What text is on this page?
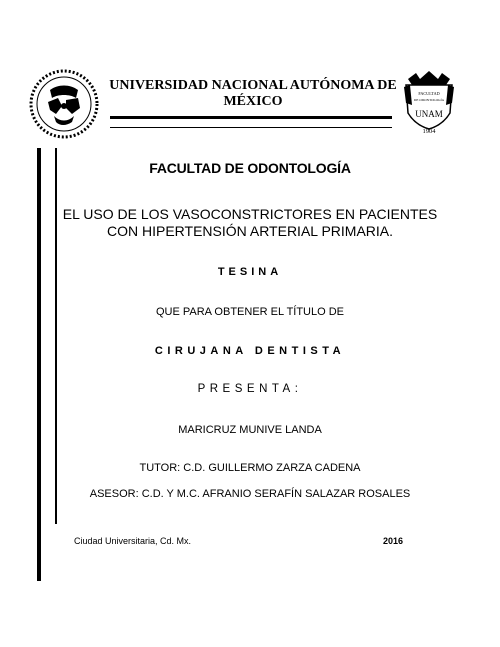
UNIVERSIDAD NACIONAL AUTÓNOMA DE MÉXICO
FACULTAD
DE ODONTOLOGÍA
UNAM
1904
FACULTAD DE ODONTOLOGÍA
EL USO DE LOS VASOCONSTRICTORES EN PACIENTES
CON HIPERTENSIÓN ARTERIAL PRIMARIA.
TESINA
QUE PARA OBTENER EL TÍTULO DE
CIRUJANA DENTISTA
PRESENTA:
MARICRUZ MUNIVE LANDA
TUTOR: C.D. GUILLERMO ZARZA CADENA
ASESOR: C.D. Y M.C. AFRANIO SERAFÍN SALAZAR ROSALES
Ciudad Universitaria, Cd. Mx.	2016
